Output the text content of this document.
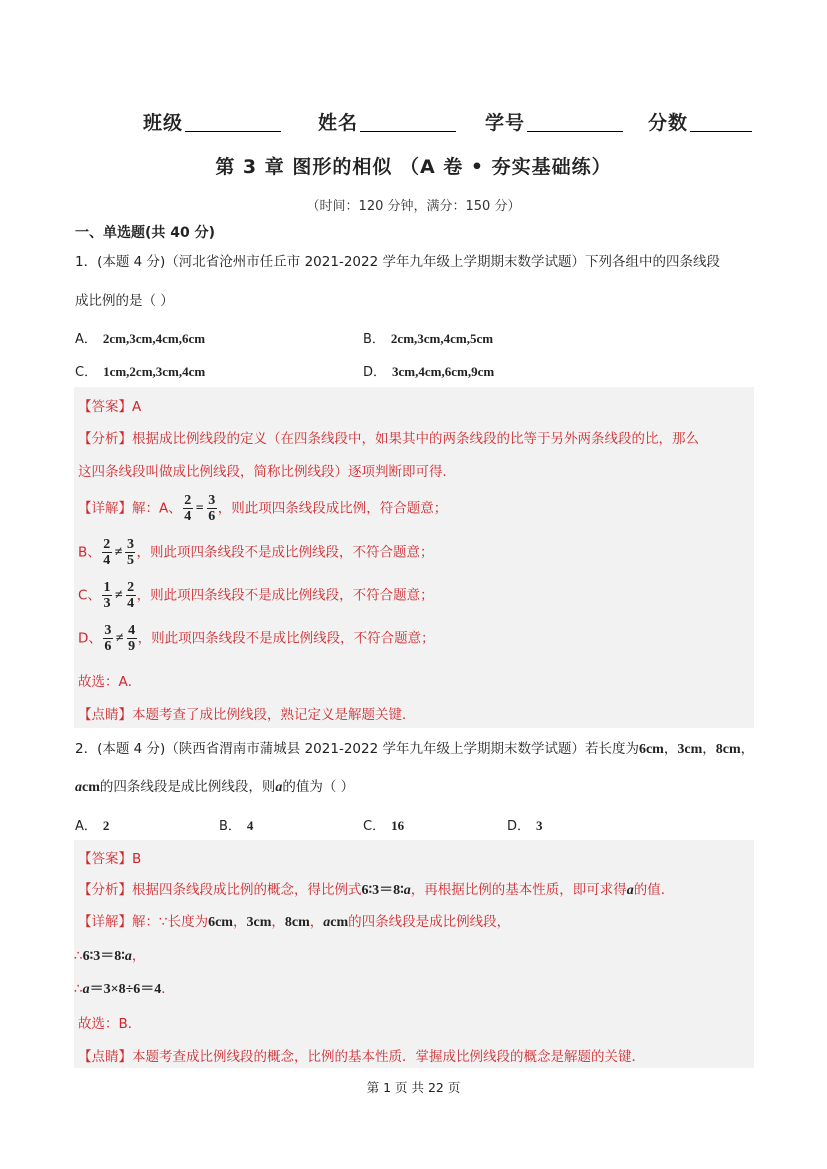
班级	姓名	学号	分数
第 3 章 图形的相似 （A 卷 • 夯实基础练）
（时间：120 分钟，满分：150 分）
一、单选题(共 40 分)
1．(本题 4 分)（河北省沧州市任丘市 2021-2022 学年九年级上学期期末数学试题）下列各组中的四条线段
成比例的是（ ）
A． 2cm,3cm,4cm,6cm	B． 2cm,3cm,4cm,5cm
C． 1cm,2cm,3cm,4cm	D． 3cm,4cm,6cm,9cm
【答案】A
【分析】根据成比例线段的定义（在四条线段中，如果其中的两条线段的比等于另外两条线段的比，那么
这四条线段叫做成比例线段，简称比例线段）逐项判断即可得．
【详解】解：A、 $\frac{2}{4} = \frac{3}{6}$ ，则此项四条线段成比例，符合题意；
B、 $\frac{2}{4} \ne \frac{3}{5}$ ，则此项四条线段不是成比例线段，不符合题意；
C、 $\frac{1}{3} \ne \frac{2}{4}$ ，则此项四条线段不是成比例线段，不符合题意；
D、 $\frac{3}{6} \ne \frac{4}{9}$ ，则此项四条线段不是成比例线段，不符合题意；
故选：A．
【点睛】本题考查了成比例线段，熟记定义是解题关键．
2．(本题 4 分)（陕西省渭南市蒲城县 2021-2022 学年九年级上学期期末数学试题）若长度为6cm，3cm，8cm，
acm的四条线段是成比例线段，则a的值为（ ）
A． 2	B． 4	C． 16	D． 3
【答案】B
【分析】根据四条线段成比例的概念，得比例式6∶3＝8∶a，再根据比例的基本性质，即可求得a的值．
【详解】解：∵长度为6cm，3cm，8cm，acm的四条线段是成比例线段，
∴6∶3＝8∶a，
∴a＝3×8÷6＝4．
故选：B．
【点睛】本题考查成比例线段的概念，比例的基本性质．掌握成比例线段的概念是解题的关键．
第 1 页 共 22 页
